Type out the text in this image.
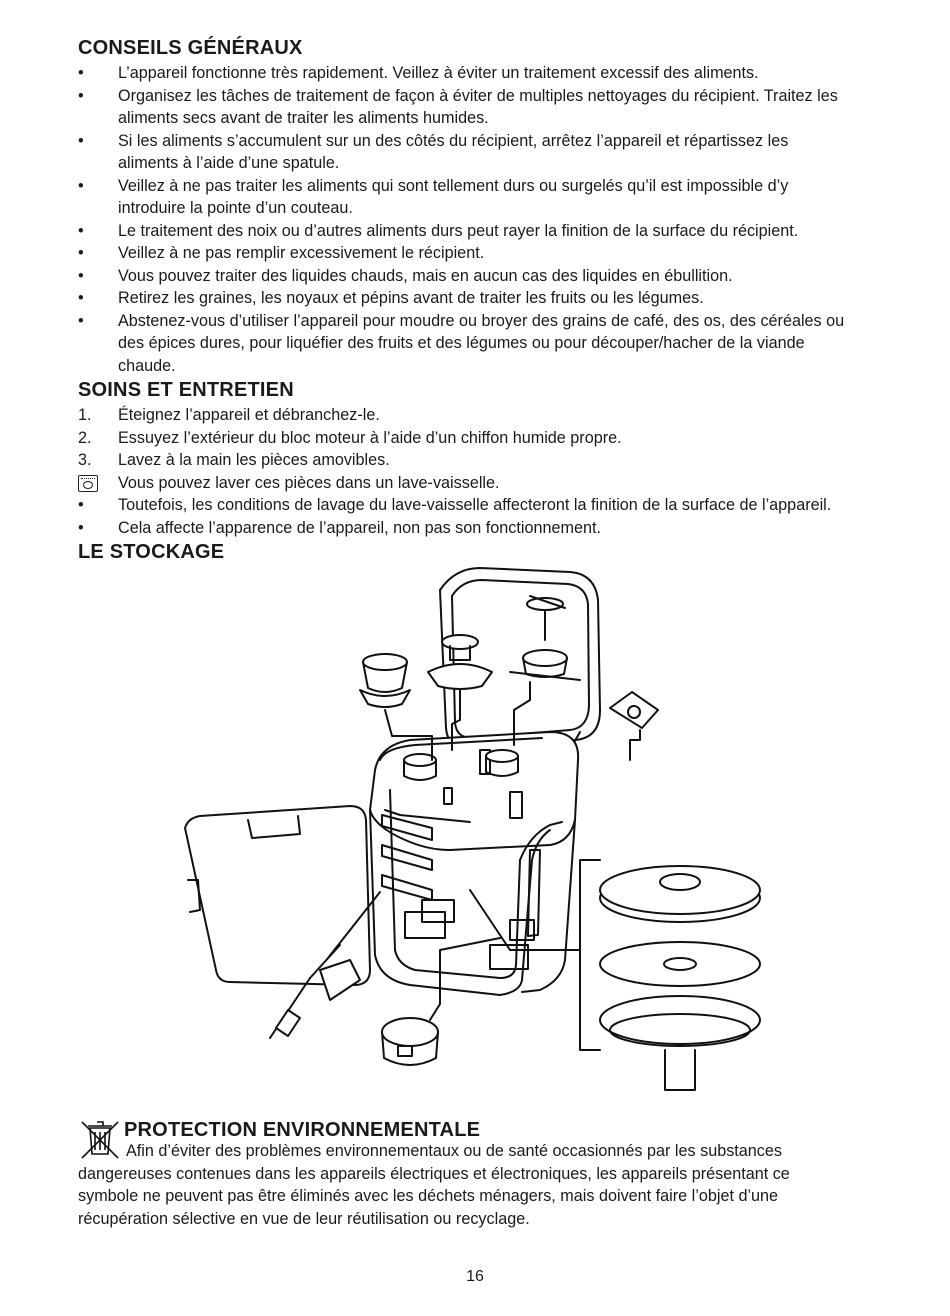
CONSEILS GÉNÉRAUX
•	L’appareil fonctionne très rapidement. Veillez à éviter un traitement excessif des aliments.
•	Organisez les tâches de traitement de façon à éviter de multiples nettoyages du récipient. Traitez les
aliments secs avant de traiter les aliments humides.
•	Si les aliments s’accumulent sur un des côtés du récipient, arrêtez l’appareil et répartissez les
aliments à l’aide d’une spatule.
•	Veillez à ne pas traiter les aliments qui sont tellement durs ou surgelés qu’il est impossible d’y
introduire la pointe d’un couteau.
•	Le traitement des noix ou d’autres aliments durs peut rayer la finition de la surface du récipient.
•	Veillez à ne pas remplir excessivement le récipient.
•	Vous pouvez traiter des liquides chauds, mais en aucun cas des liquides en ébullition.
•	Retirez les graines, les noyaux et pépins avant de traiter les fruits ou les légumes.
•	Abstenez-vous d’utiliser l’appareil pour moudre ou broyer des grains de café, des os, des céréales ou
des épices dures, pour liquéfier des fruits et des légumes ou pour découper/hacher de la viande
chaude.
SOINS ET ENTRETIEN
1.	Éteignez l’appareil et débranchez-le.
2.	Essuyez l’extérieur du bloc moteur à l’aide d’un chiffon humide propre.
3.	Lavez à la main les pièces amovibles.
Vous pouvez laver ces pièces dans un lave-vaisselle.
•	Toutefois, les conditions de lavage du lave-vaisselle affecteront la finition de la surface de l’appareil.
•	Cela affecte l’apparence de l’appareil, non pas son fonctionnement.
LE STOCKAGE
PROTECTION ENVIRONNEMENTALE
Afin d’éviter des problèmes environnementaux ou de santé occasionnés par les substances
dangereuses contenues dans les appareils électriques et électroniques, les appareils présentant ce
symbole ne peuvent pas être éliminés avec les déchets ménagers, mais doivent faire l’objet d’une
récupération sélective en vue de leur réutilisation ou recyclage.
16
